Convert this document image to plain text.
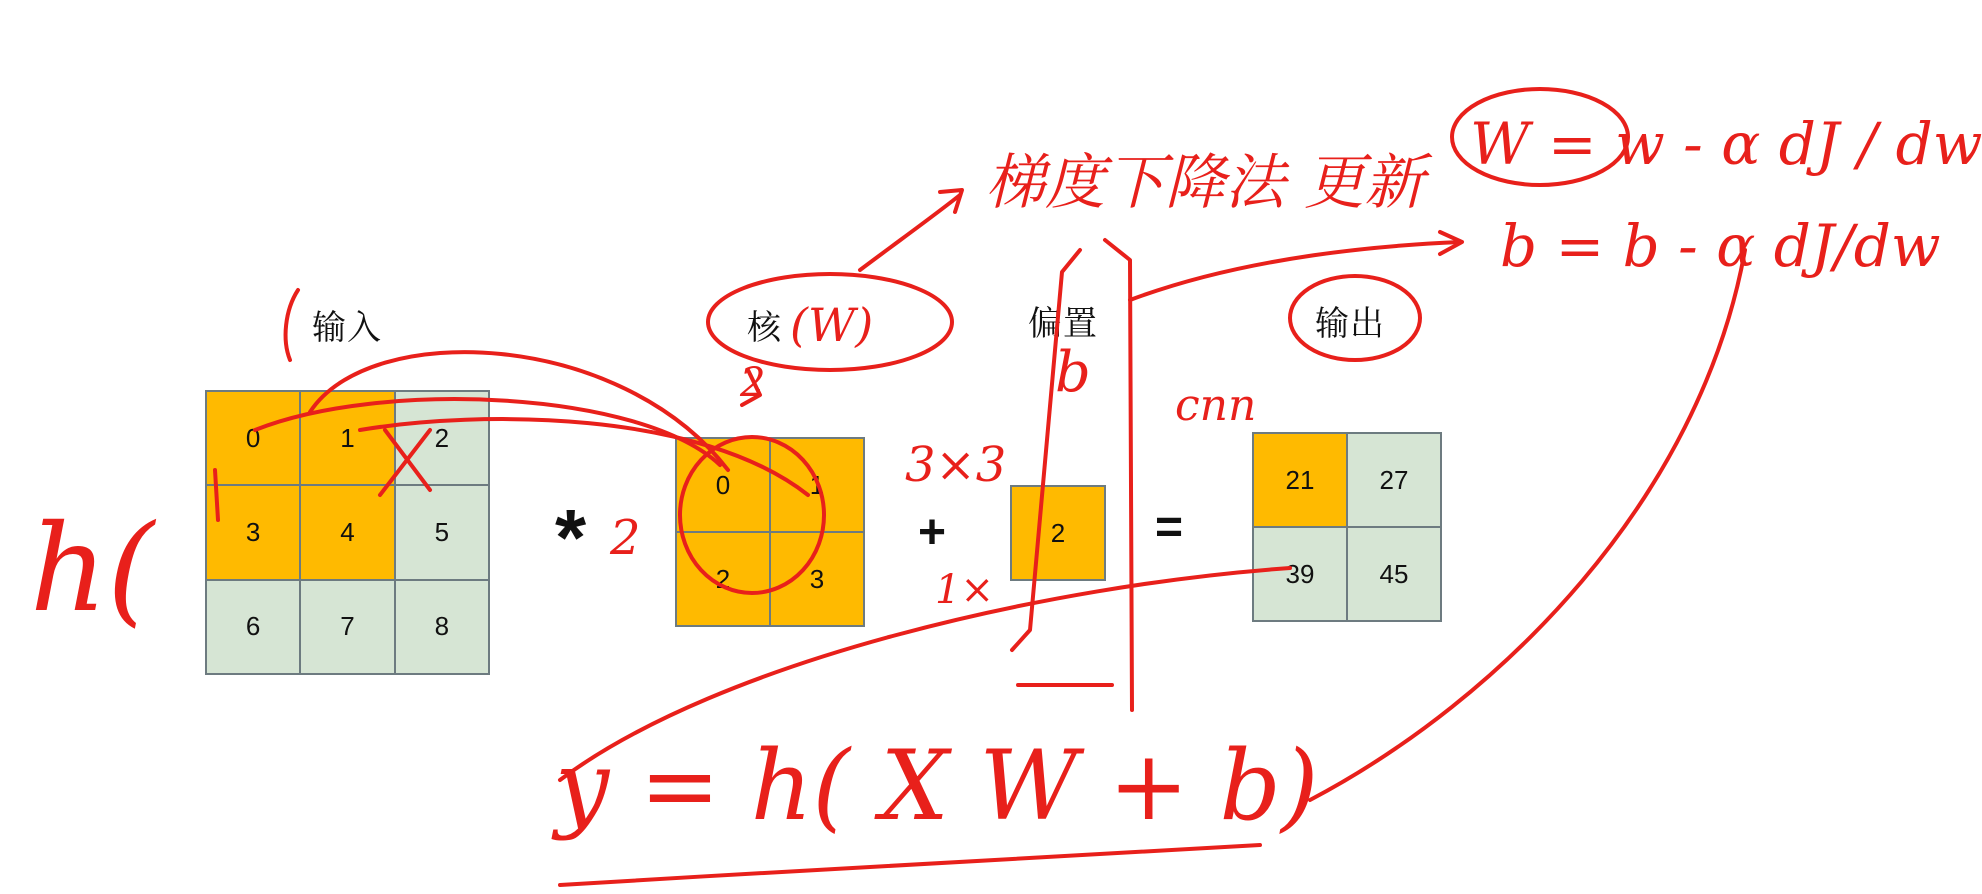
输入	核	偏置	输出
0	1	2
3	4	5
6	7	8
*
0	1
2	3
+	2	=
21	27
39	45
梯度下降法 更新
W = w - α dJ / dw
b = b - α dJ/dw
(W)
b
3×3
1×
2
2
cnn
h(
y = h( X W + b)
